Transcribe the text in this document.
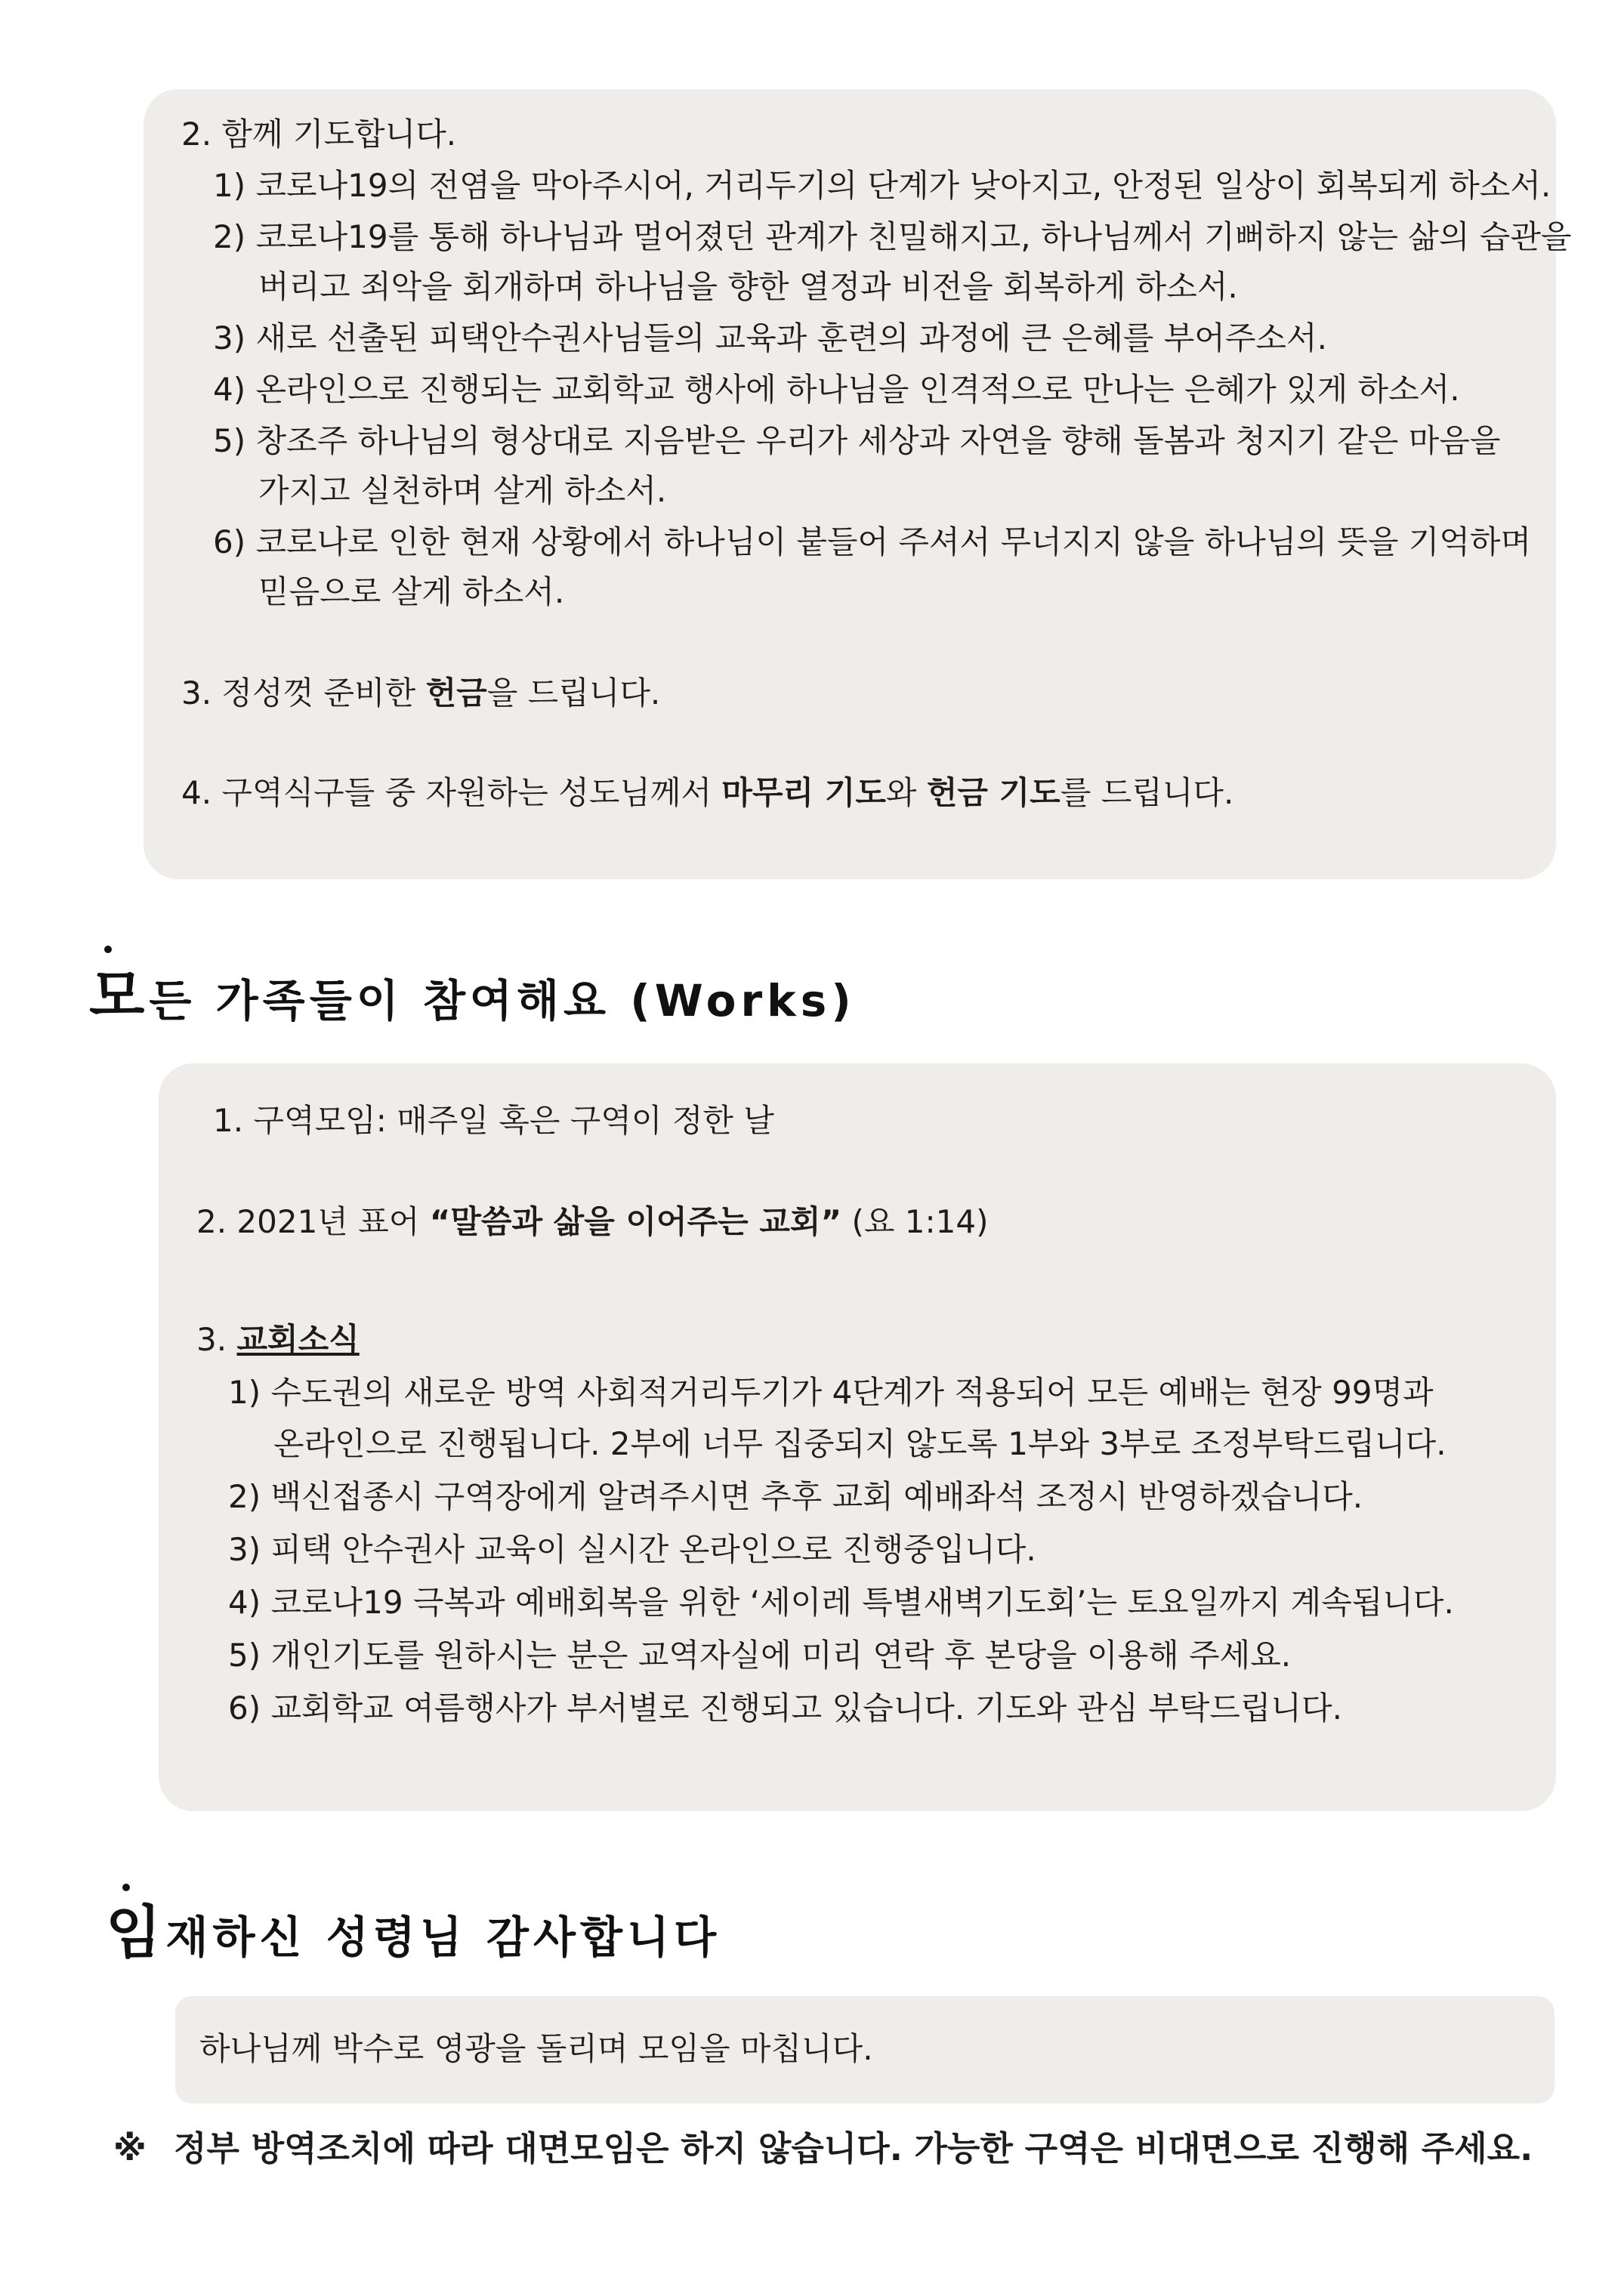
2. 함께 기도합니다.
1) 코로나19의 전염을 막아주시어, 거리두기의 단계가 낮아지고, 안정된 일상이 회복되게 하소서.
2) 코로나19를 통해 하나님과 멀어졌던 관계가 친밀해지고, 하나님께서 기뻐하지 않는 삶의 습관을
버리고 죄악을 회개하며 하나님을 향한 열정과 비전을 회복하게 하소서.
3) 새로 선출된 피택안수권사님들의 교육과 훈련의 과정에 큰 은혜를 부어주소서.
4) 온라인으로 진행되는 교회학교 행사에 하나님을 인격적으로 만나는 은혜가 있게 하소서.
5) 창조주 하나님의 형상대로 지음받은 우리가 세상과 자연을 향해 돌봄과 청지기 같은 마음을
가지고 실천하며 살게 하소서.
6) 코로나로 인한 현재 상황에서 하나님이 붙들어 주셔서 무너지지 않을 하나님의 뜻을 기억하며
믿음으로 살게 하소서.
3. 정성껏 준비한 헌금을 드립니다.
4. 구역식구들 중 자원하는 성도님께서 마무리 기도와 헌금 기도를 드립니다.
모든 가족들이 참여해요 (Works)
1. 구역모임: 매주일 혹은 구역이 정한 날
2. 2021년 표어 “말씀과 삶을 이어주는 교회” (요 1:14)
3. 교회소식
1) 수도권의 새로운 방역 사회적거리두기가 4단계가 적용되어 모든 예배는 현장 99명과
온라인으로 진행됩니다. 2부에 너무 집중되지 않도록 1부와 3부로 조정부탁드립니다.
2) 백신접종시 구역장에게 알려주시면 추후 교회 예배좌석 조정시 반영하겠습니다.
3) 피택 안수권사 교육이 실시간 온라인으로 진행중입니다.
4) 코로나19 극복과 예배회복을 위한 ‘세이레 특별새벽기도회’는 토요일까지 계속됩니다.
5) 개인기도를 원하시는 분은 교역자실에 미리 연락 후 본당을 이용해 주세요.
6) 교회학교 여름행사가 부서별로 진행되고 있습니다. 기도와 관심 부탁드립니다.
임재하신 성령님 감사합니다
하나님께 박수로 영광을 돌리며 모임을 마칩니다.
※ 정부 방역조치에 따라 대면모임은 하지 않습니다. 가능한 구역은 비대면으로 진행해 주세요.
